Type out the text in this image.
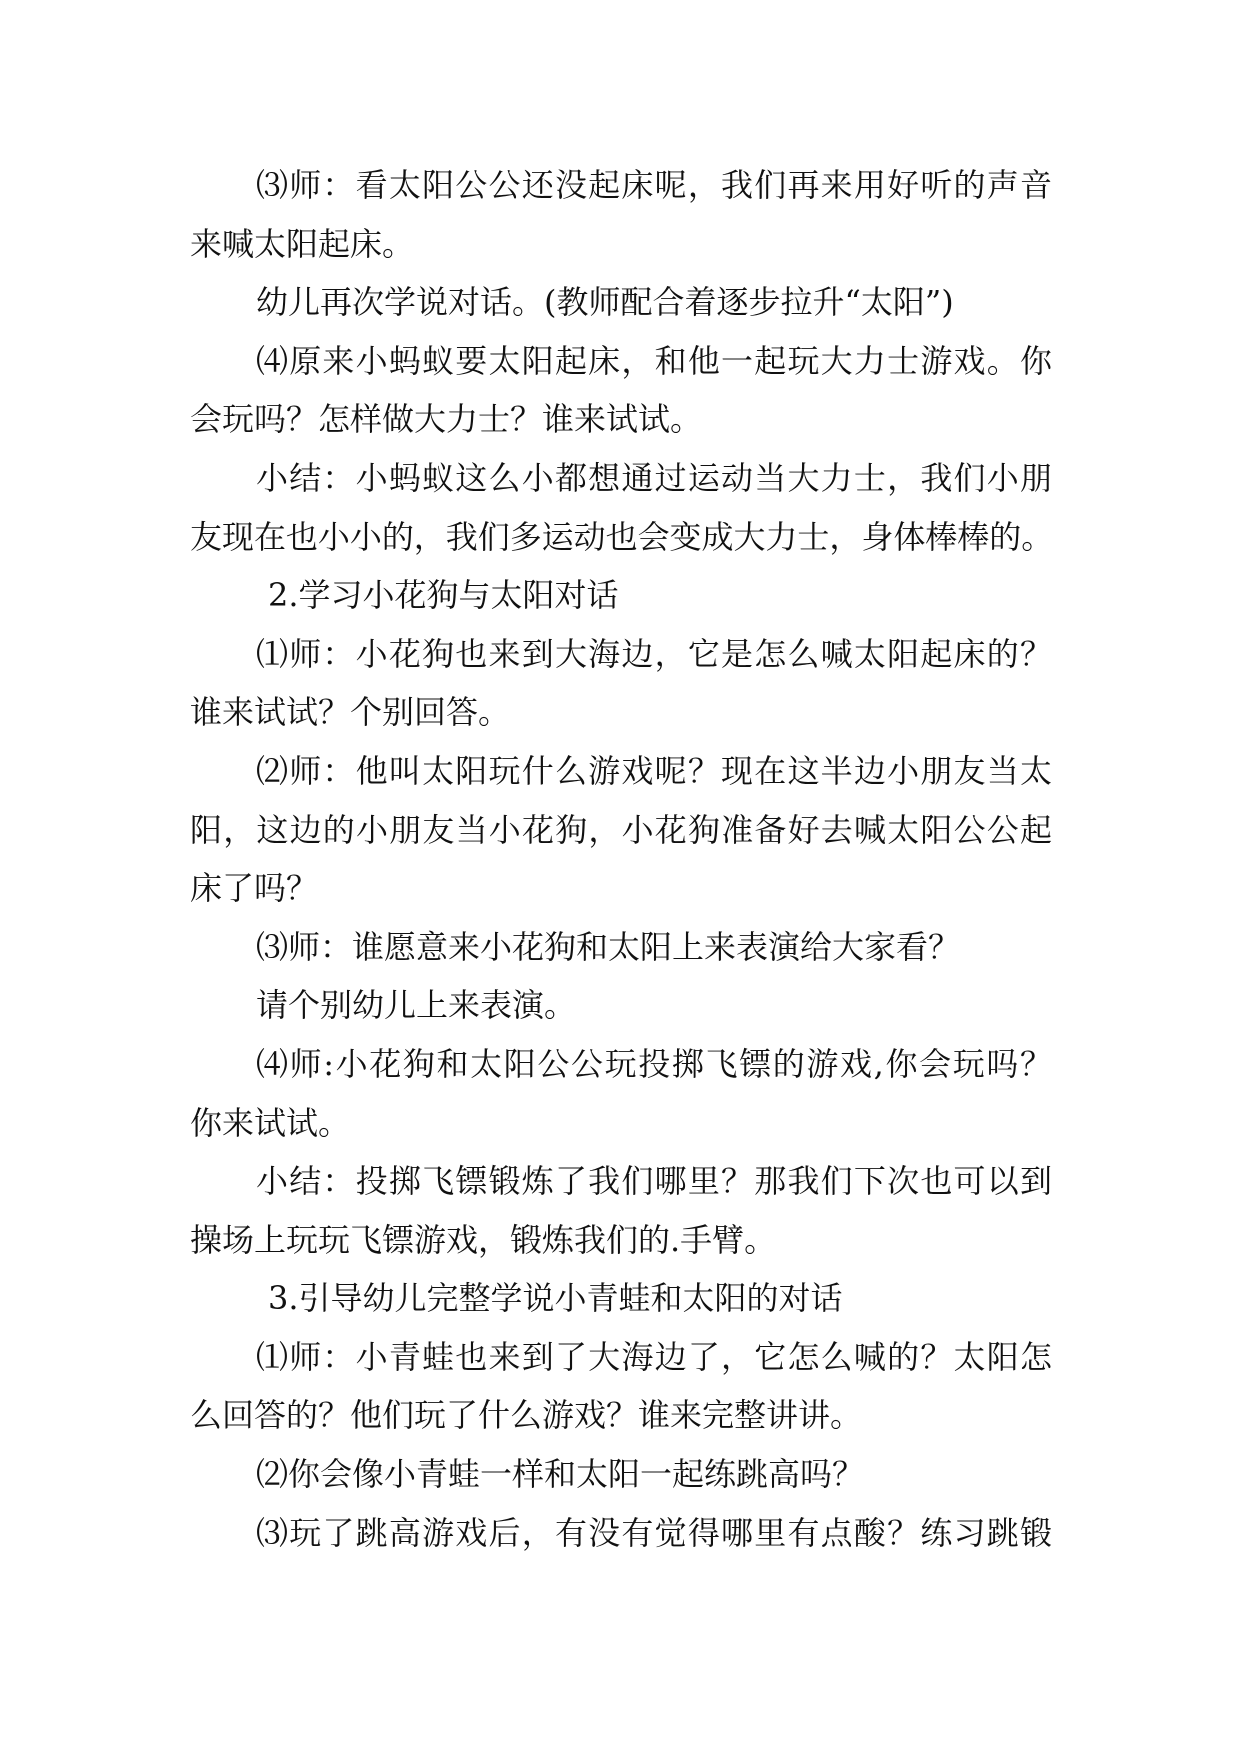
⑶师：看太阳公公还没起床呢，我们再来用好听的声音
来喊太阳起床。
幼儿再次学说对话。(教师配合着逐步拉升“太阳”)
⑷原来小蚂蚁要太阳起床，和他一起玩大力士游戏。你
会玩吗？怎样做大力士？谁来试试。
小结：小蚂蚁这么小都想通过运动当大力士，我们小朋
友现在也小小的，我们多运动也会变成大力士，身体棒棒的。
2.学习小花狗与太阳对话
⑴师：小花狗也来到大海边，它是怎么喊太阳起床的？
谁来试试？个别回答。
⑵师：他叫太阳玩什么游戏呢？现在这半边小朋友当太
阳，这边的小朋友当小花狗，小花狗准备好去喊太阳公公起
床了吗？
⑶师：谁愿意来小花狗和太阳上来表演给大家看？
请个别幼儿上来表演。
⑷师:小花狗和太阳公公玩投掷飞镖的游戏,你会玩吗？
你来试试。
小结：投掷飞镖锻炼了我们哪里？那我们下次也可以到
操场上玩玩飞镖游戏，锻炼我们的.手臂。
3.引导幼儿完整学说小青蛙和太阳的对话
⑴师：小青蛙也来到了大海边了，它怎么喊的？太阳怎
么回答的？他们玩了什么游戏？谁来完整讲讲。
⑵你会像小青蛙一样和太阳一起练跳高吗？
⑶玩了跳高游戏后，有没有觉得哪里有点酸？练习跳锻
